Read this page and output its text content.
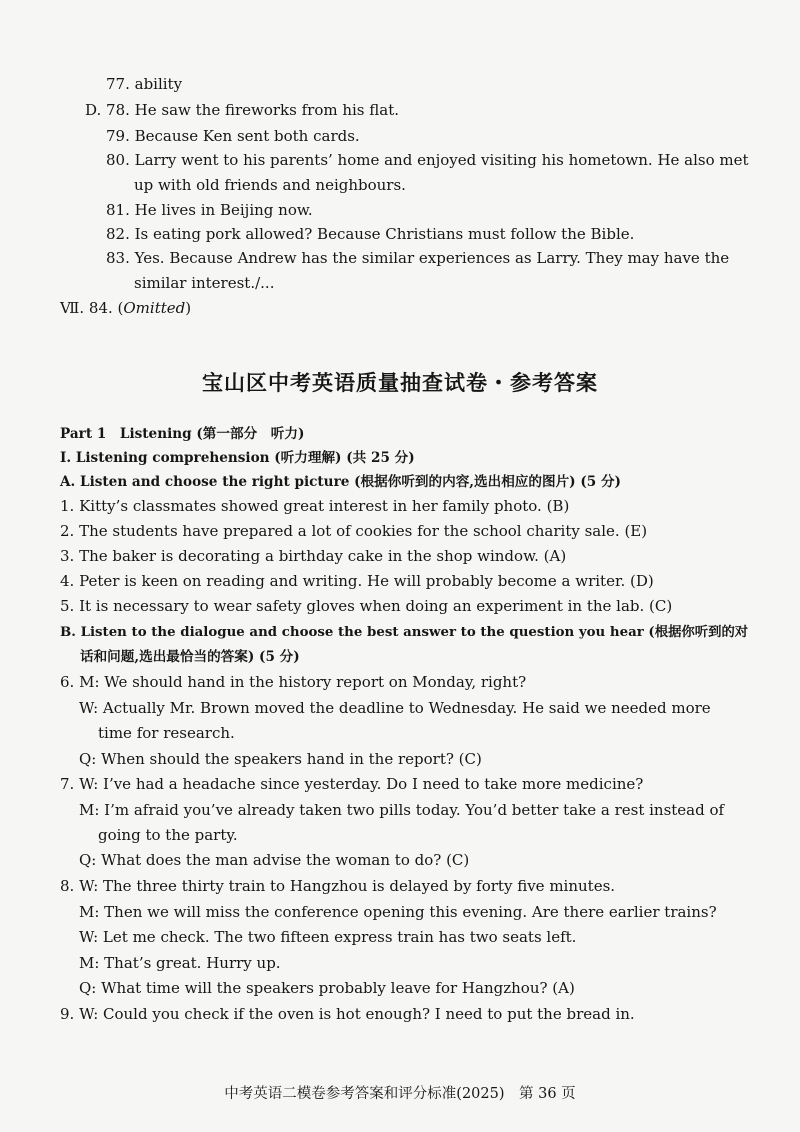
77. ability
D. 78. He saw the fireworks from his flat.
79. Because Ken sent both cards.
80. Larry went to his parents’ home and enjoyed visiting his hometown. He also met
up with old friends and neighbours.
81. He lives in Beijing now.
82. Is eating pork allowed? Because Christians must follow the Bible.
83. Yes. Because Andrew has the similar experiences as Larry. They may have the
similar interest./...
Ⅶ. 84. (Omitted)
宝山区中考英语质量抽查试卷・参考答案
Part 1　Listening (第一部分　听力)
Ⅰ. Listening comprehension (听力理解) (共 25 分)
A. Listen and choose the right picture (根据你听到的内容,选出相应的图片) (5 分)
1. Kitty’s classmates showed great interest in her family photo. (B)
2. The students have prepared a lot of cookies for the school charity sale. (E)
3. The baker is decorating a birthday cake in the shop window. (A)
4. Peter is keen on reading and writing. He will probably become a writer. (D)
5. It is necessary to wear safety gloves when doing an experiment in the lab. (C)
B. Listen to the dialogue and choose the best answer to the question you hear (根据你听到的对
话和问题,选出最恰当的答案) (5 分)
6. M: We should hand in the history report on Monday, right?
W: Actually Mr. Brown moved the deadline to Wednesday. He said we needed more
time for research.
Q: When should the speakers hand in the report? (C)
7. W: I’ve had a headache since yesterday. Do I need to take more medicine?
M: I’m afraid you’ve already taken two pills today. You’d better take a rest instead of
going to the party.
Q: What does the man advise the woman to do? (C)
8. W: The three thirty train to Hangzhou is delayed by forty five minutes.
M: Then we will miss the conference opening this evening. Are there earlier trains?
W: Let me check. The two fifteen express train has two seats left.
M: That’s great. Hurry up.
Q: What time will the speakers probably leave for Hangzhou? (A)
9. W: Could you check if the oven is hot enough? I need to put the bread in.
中考英语二模卷参考答案和评分标准(2025)　第 36 页
